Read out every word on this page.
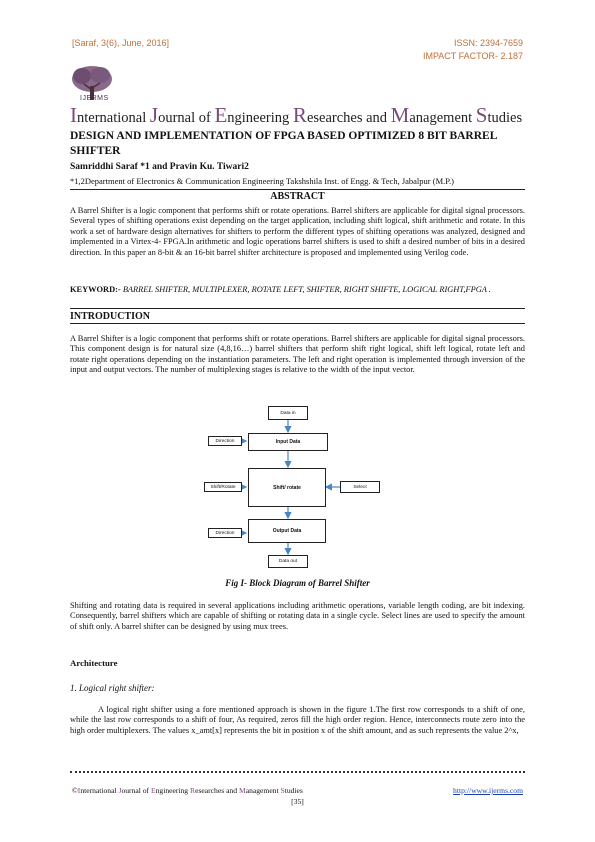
[Saraf, 3(6), June, 2016]	ISSN: 2394-7659
IMPACT FACTOR- 2.187
IJERMS
International Journal of Engineering Researches and Management Studies
DESIGN AND IMPLEMENTATION OF FPGA BASED OPTIMIZED 8 BIT BARREL SHIFTER
Samriddhi Saraf *1 and Pravin Ku. Tiwari2
*1,2Department of Electronics & Communication Engineering Takshshila Inst. of Engg. & Tech, Jabalpur (M.P.)
ABSTRACT
A Barrel Shifter is a logic component that performs shift or rotate operations. Barrel shifters are applicable for digital signal processors. Several types of shifting operations exist depending on the target application, including shift logical, shift arithmetic and rotate. In this work a set of hardware design alternatives for shifters to perform the different types of shifting operations was analyzed, designed and implemented in a Virtex-4- FPGA.In arithmetic and logic operations barrel shifters is used to shift a desired number of bits in a desired direction. In this paper an 8-bit & an 16-bit barrel shifter architecture is proposed and implemented using Verilog code.
KEYWORD:- BARREL SHIFTER, MULTIPLEXER, ROTATE LEFT, SHIFTER, RIGHT SHIFTE, LOGICAL RIGHT,FPGA .
INTRODUCTION
A Barrel Shifter is a logic component that performs shift or rotate operations. Barrel shifters are applicable for digital signal processors. This component design is for natural size (4,8,16…) barrel shifters that perform shift right logical, shift left logical, rotate left and rotate right operations depending on the instantiation parameters. The left and right operation is implemented through inversion of the input and output vectors. The number of multiplexing stages is relative to the width of the input vector.
Data in
Direction	Input Data
Shift/Rotate	Shift/ rotate	Select
Direction	Output Data
Data out
Fig I- Block Diagram of Barrel Shifter
Shifting and rotating data is required in several applications including arithmetic operations, variable length coding, are bit indexing. Consequently, barrel shifters which are capable of shifting or rotating data in a single cycle. Select lines are used to specify the amount of shift only. A barrel shifter can be designed by using mux trees.
Architecture
1. Logical right shifter:
A logical right shifter using a fore mentioned approach is shown in the figure 1.The first row corresponds to a shift of one, while the last row corresponds to a shift of four, As required, zeros fill the high order region. Hence, interconnects route zero into the high order multiplexers. The values x_amt[x] represents the bit in position x of the shift amount, and as such represents the value 2^x,
©International Journal of Engineering Researches and Management Studies	http://www.ijerms.com
[35]
